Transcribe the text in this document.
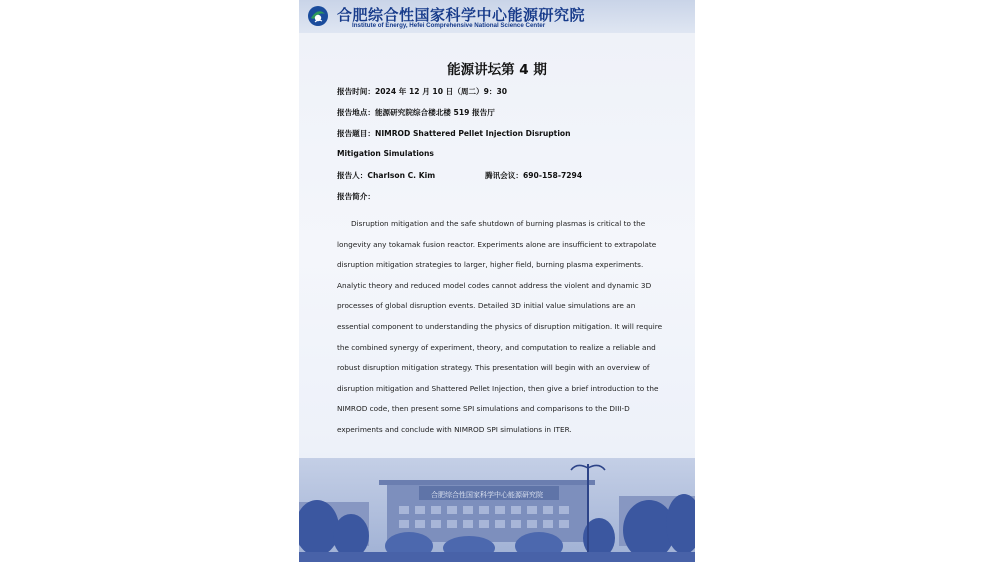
合肥综合性国家科学中心能源研究院
Institute of Energy, Hefei Comprehensive National Science Center
能源讲坛第 4 期
报告时间：2024 年 12 月 10 日（周二）9：30
报告地点：能源研究院综合楼北楼 519 报告厅
报告题目：NIMROD Shattered Pellet Injection Disruption
Mitigation Simulations
报告人：Charlson C. Kim	腾讯会议：690-158-7294
报告简介：

Disruption mitigation and the safe shutdown of burning plasmas is critical to the longevity any tokamak fusion reactor. Experiments alone are insufficient to extrapolate disruption mitigation strategies to larger, higher field, burning plasma experiments. Analytic theory and reduced model codes cannot address the violent and dynamic 3D processes of global disruption events. Detailed 3D initial value simulations are an essential component to understanding the physics of disruption mitigation. It will require the combined synergy of experiment, theory, and computation to realize a reliable and robust disruption mitigation strategy. This presentation will begin with an overview of disruption mitigation and Shattered Pellet Injection, then give a brief introduction to the NIMROD code, then present some SPI simulations and comparisons to the DIII-D experiments and conclude with NIMROD SPI simulations in ITER.

合肥综合性国家科学中心能源研究院
